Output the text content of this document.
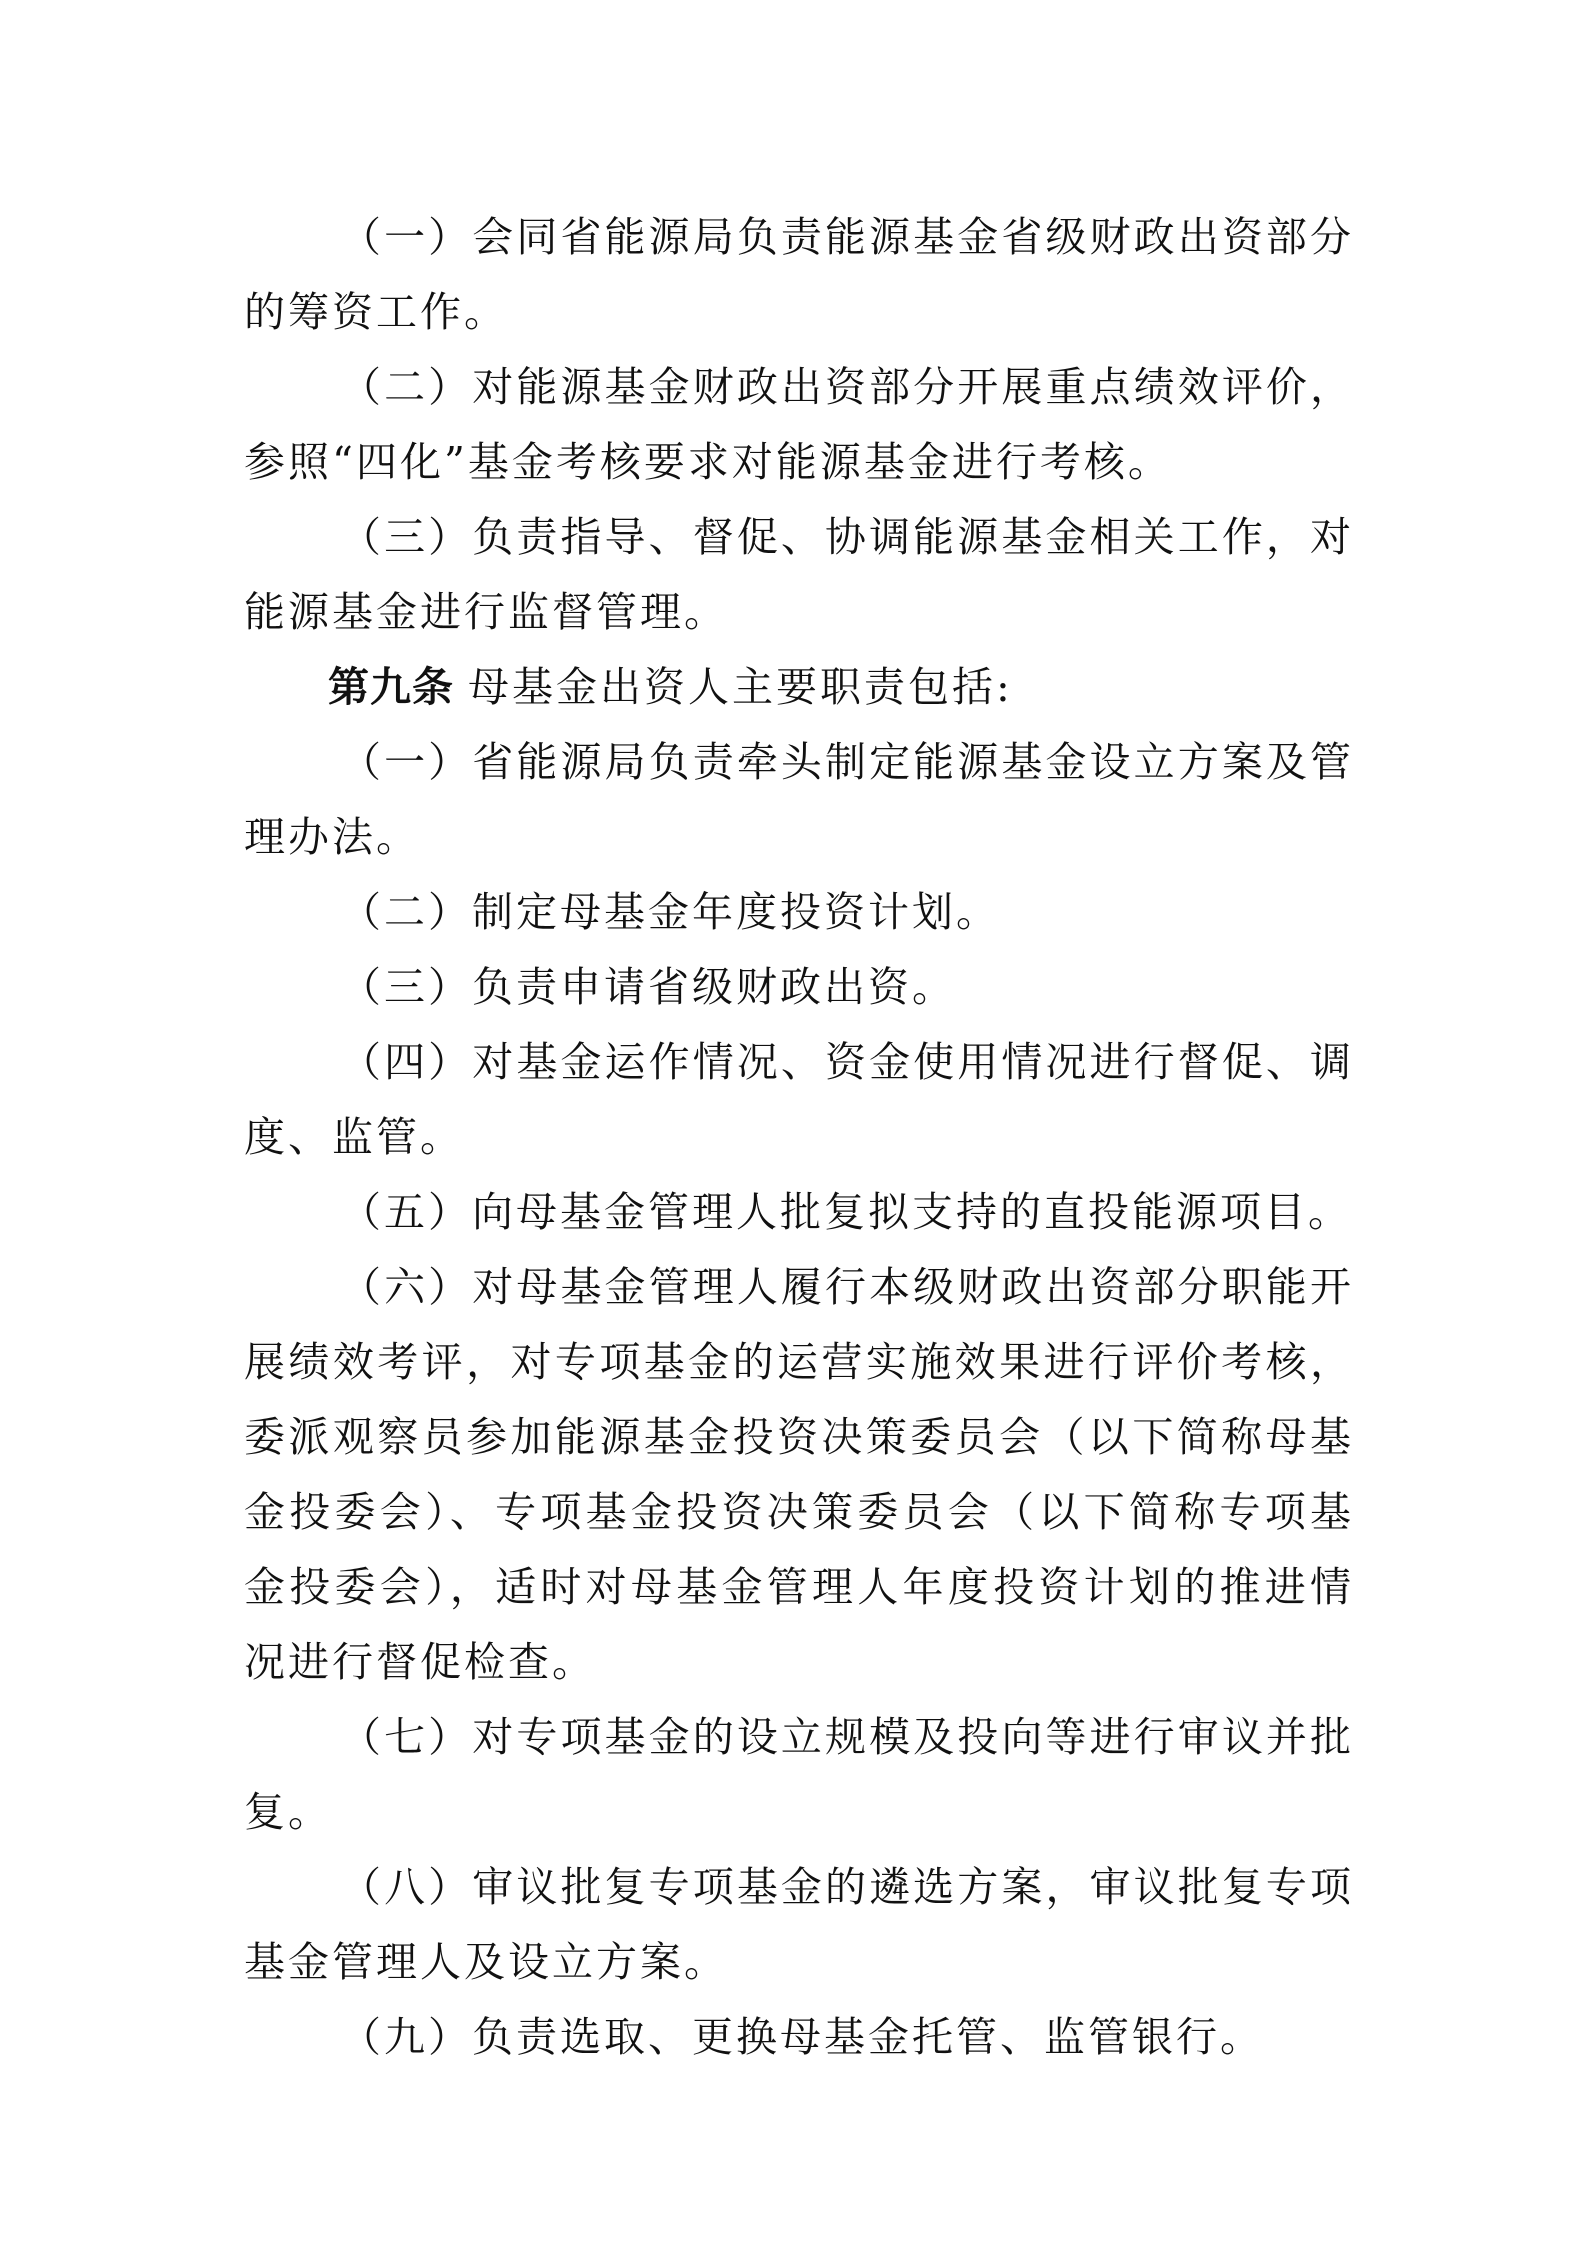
（一）会同省能源局负责能源基金省级财政出资部分的筹资工作。

（二）对能源基金财政出资部分开展重点绩效评价，参照“四化”基金考核要求对能源基金进行考核。

（三）负责指导、督促、协调能源基金相关工作，对能源基金进行监督管理。

第九条 母基金出资人主要职责包括:

（一）省能源局负责牵头制定能源基金设立方案及管理办法。

（二）制定母基金年度投资计划。

（三）负责申请省级财政出资。

（四）对基金运作情况、资金使用情况进行督促、调度、监管。

（五）向母基金管理人批复拟支持的直投能源项目。

（六）对母基金管理人履行本级财政出资部分职能开展绩效考评，对专项基金的运营实施效果进行评价考核，委派观察员参加能源基金投资决策委员会（以下简称母基金投委会）、专项基金投资决策委员会（以下简称专项基金投委会），适时对母基金管理人年度投资计划的推进情况进行督促检查。

（七）对专项基金的设立规模及投向等进行审议并批复。

（八）审议批复专项基金的遴选方案，审议批复专项基金管理人及设立方案。

（九）负责选取、更换母基金托管、监管银行。
